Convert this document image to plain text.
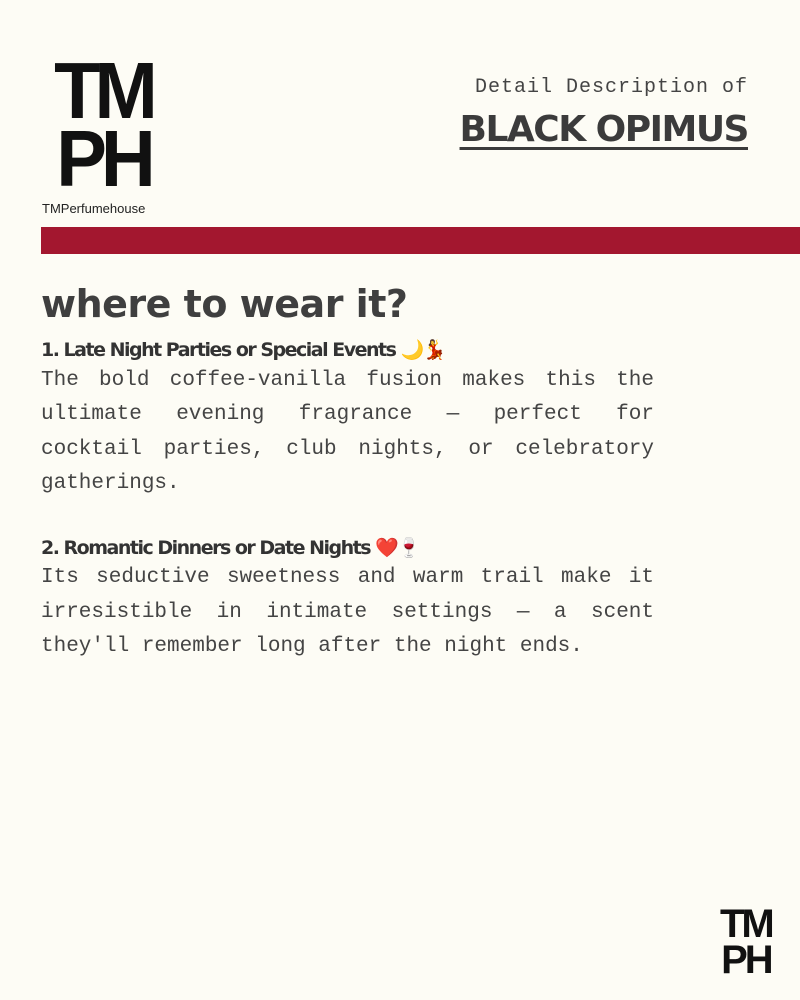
TM
PH
TMPerfumehouse
Detail Description of
BLACK OPIMUS
where to wear it?
1. Late Night Parties or Special Events 🌙💃

The bold coffee-vanilla fusion makes this the ultimate evening fragrance — perfect for cocktail parties, club nights, or celebratory gatherings.

2. Romantic Dinners or Date Nights ❤️🍷

Its seductive sweetness and warm trail make it irresistible in intimate settings — a scent they'll remember long after the night ends.

TM
PH
